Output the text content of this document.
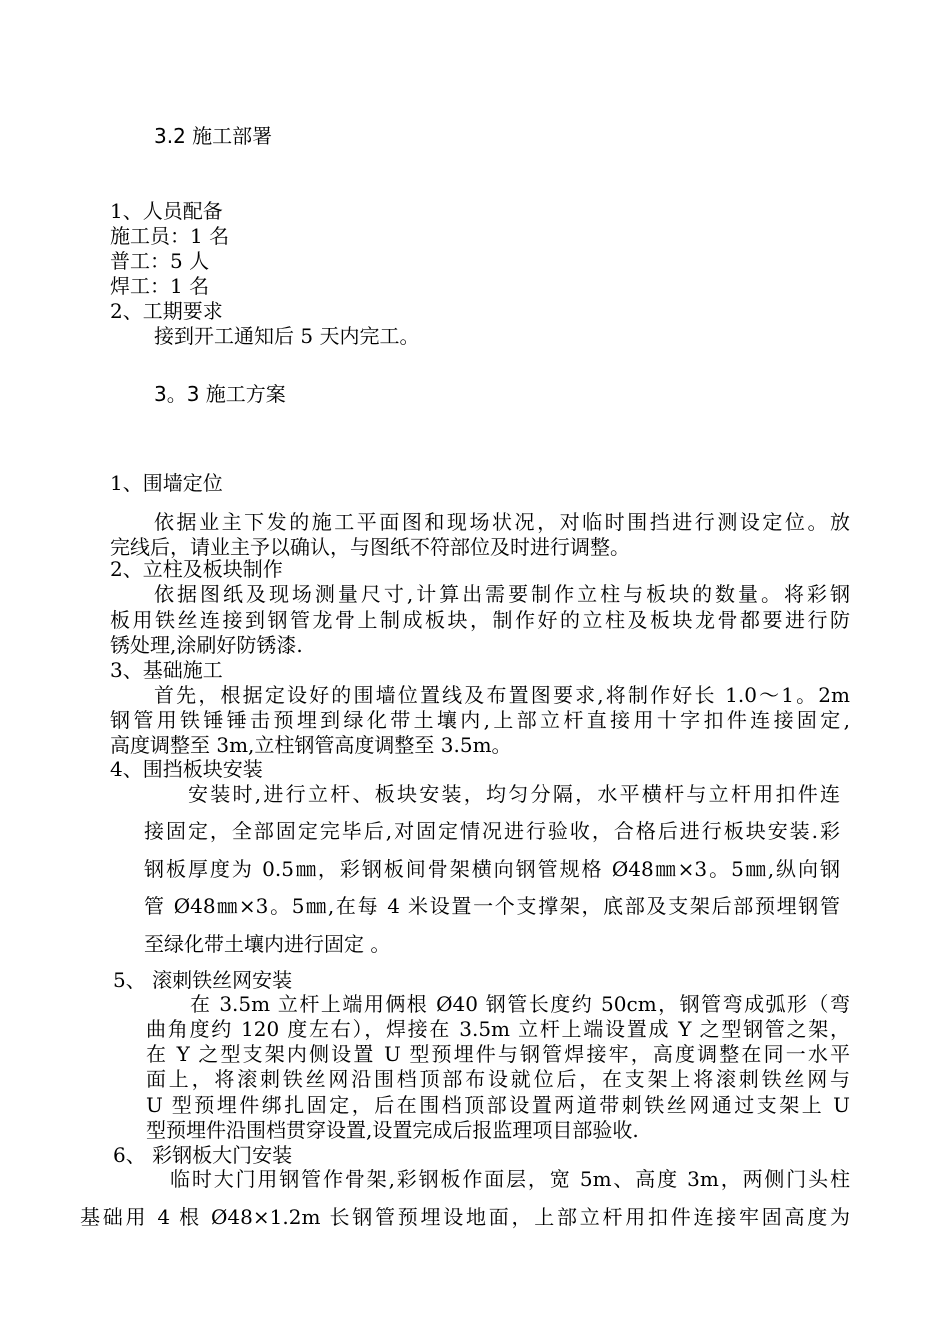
3.2 施工部署
1、人员配备
施工员：1 名
普工：5 人
焊工：1 名
2、工期要求
接到开工通知后 5 天内完工。
3。3 施工方案
1、围墙定位
依据业主下发的施工平面图和现场状况，对临时围挡进行测设定位。放
完线后，请业主予以确认，与图纸不符部位及时进行调整。
2、立柱及板块制作
依据图纸及现场测量尺寸,计算出需要制作立柱与板块的数量。将彩钢
板用铁丝连接到钢管龙骨上制成板块，制作好的立柱及板块龙骨都要进行防
锈处理,涂刷好防锈漆.
3、基础施工
首先，根据定设好的围墙位置线及布置图要求,将制作好长 1.0～1。2m
钢管用铁锤锤击预埋到绿化带土壤内,上部立杆直接用十字扣件连接固定,
高度调整至 3m,立柱钢管高度调整至 3.5m。
4、围挡板块安装
安装时,进行立杆、板块安装，均匀分隔，水平横杆与立杆用扣件连
接固定，全部固定完毕后,对固定情况进行验收，合格后进行板块安装.彩
钢板厚度为 0.5㎜，彩钢板间骨架横向钢管规格 Ø48㎜×3。5㎜,纵向钢
管 Ø48㎜×3。5㎜,在每 4 米设置一个支撑架，底部及支架后部预埋钢管
至绿化带土壤内进行固定 。
5、 滚刺铁丝网安装
在 3.5m 立杆上端用俩根 Ø40 钢管长度约 50cm，钢管弯成弧形（弯
曲角度约 120 度左右），焊接在 3.5m 立杆上端设置成 Y 之型钢管之架，
在 Y 之型支架内侧设置 U 型预埋件与钢管焊接牢，高度调整在同一水平
面上，将滚刺铁丝网沿围档顶部布设就位后，在支架上将滚刺铁丝网与
U 型预埋件绑扎固定，后在围档顶部设置两道带刺铁丝网通过支架上 U
型预埋件沿围档贯穿设置,设置完成后报监理项目部验收.
6、 彩钢板大门安装
临时大门用钢管作骨架,彩钢板作面层，宽 5m、高度 3m，两侧门头柱
基础用 4 根 Ø48×1.2m 长钢管预埋设地面，上部立杆用扣件连接牢固高度为
